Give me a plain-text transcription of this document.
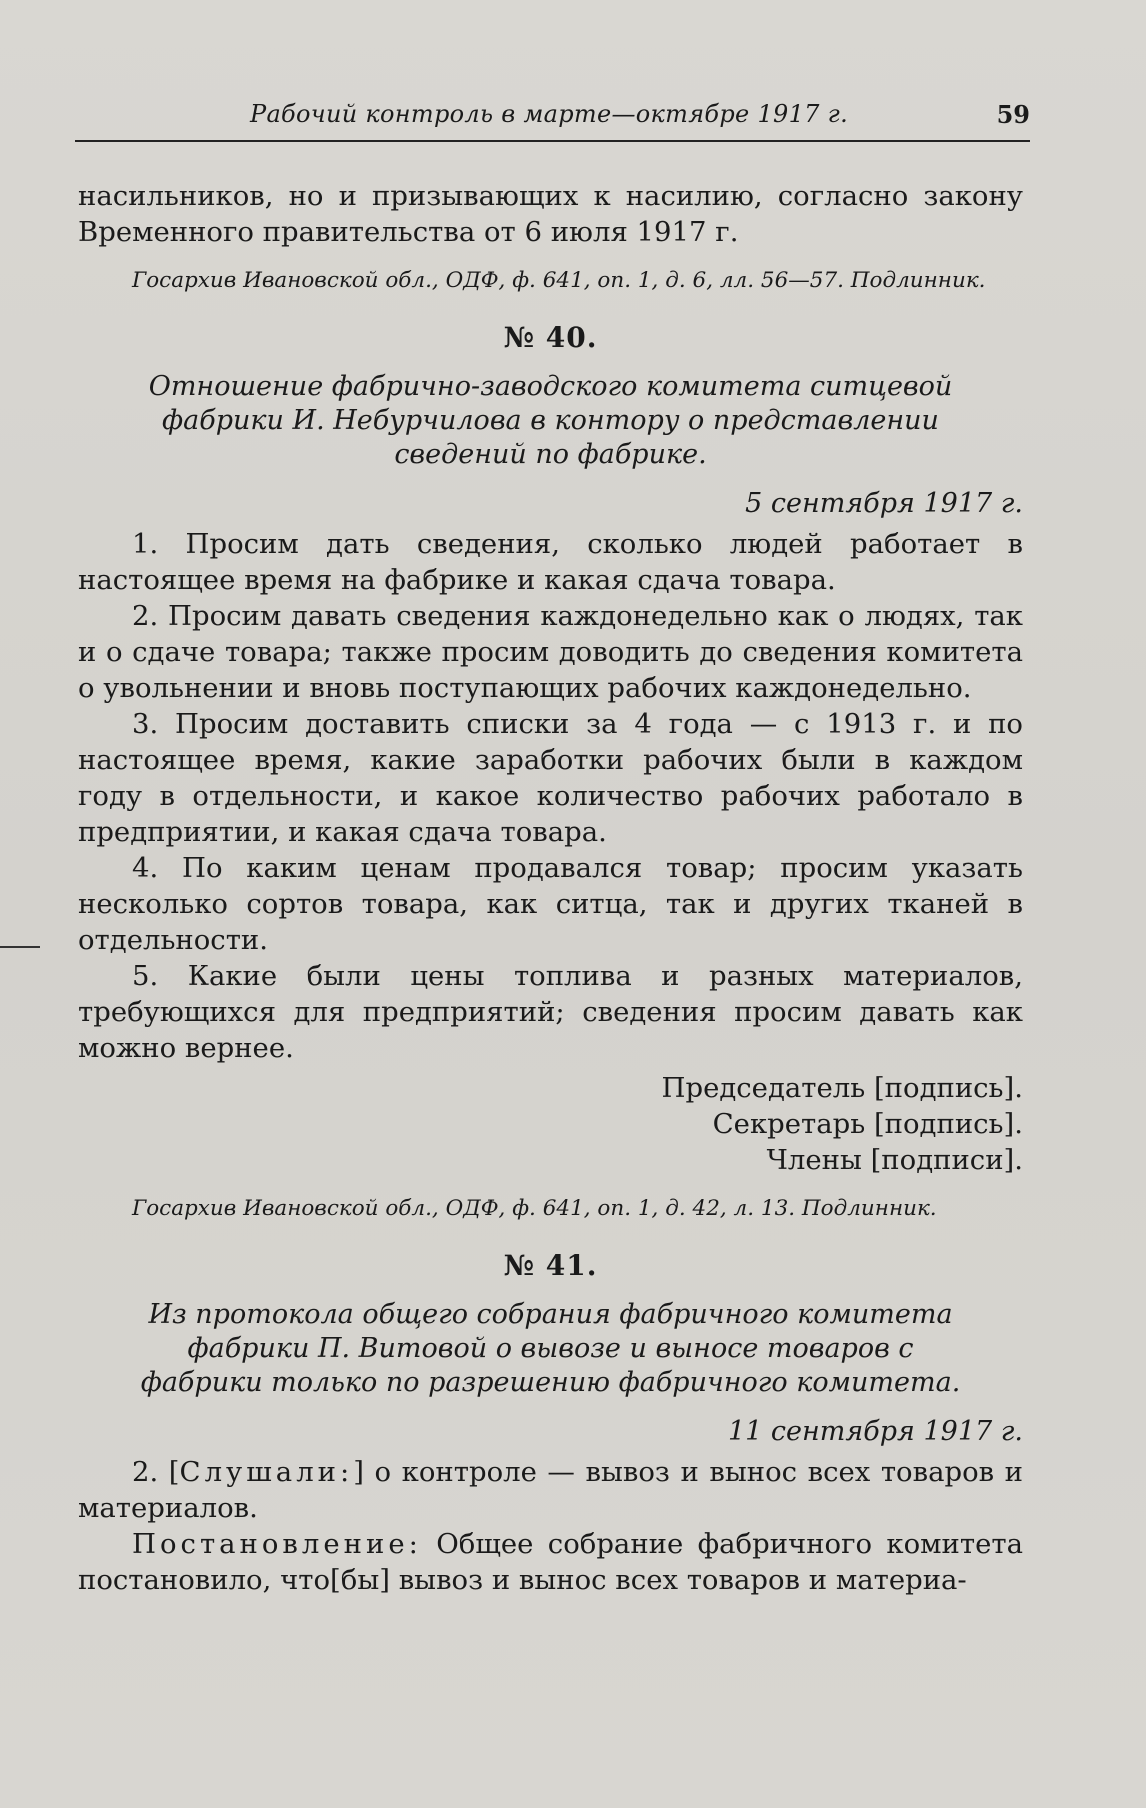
Рабочий контроль в марте—октябре 1917 г.	59

насильников, но и призывающих к насилию, согласно закону Временного правительства от 6 июля 1917 г.

Госархив Ивановской обл., ОДФ, ф. 641, оп. 1, д. 6, лл. 56—57. Подлинник.

№ 40.

Отношение фабрично-заводского комитета ситцевой фабрики И. Небурчилова в контору о представлении сведений по фабрике.

5 сентября 1917 г.

1. Просим дать сведения, сколько людей работает в настоящее время на фабрике и какая сдача товара.

2. Просим давать сведения каждонедельно как о людях, так и о сдаче товара; также просим доводить до сведения комитета о увольнении и вновь поступающих рабочих каждонедельно.

3. Просим доставить списки за 4 года — с 1913 г. и по настоящее время, какие заработки рабочих были в каждом году в отдельности, и какое количество рабочих работало в предприятии, и какая сдача товара.

4. По каким ценам продавался товар; просим указать несколько сортов товара, как ситца, так и других тканей в отдельности.

5. Какие были цены топлива и разных материалов, требующихся для предприятий; сведения просим давать как можно вернее.

Председатель [подпись].
Секретарь [подпись].
Члены [подписи].

Госархив Ивановской обл., ОДФ, ф. 641, оп. 1, д. 42, л. 13. Подлинник.

№ 41.

Из протокола общего собрания фабричного комитета фабрики П. Витовой о вывозе и выносе товаров с фабрики только по разрешению фабричного комитета.

11 сентября 1917 г.

2. [Слушали:] о контроле — вывоз и вынос всех товаров и материалов.

Постановление: Общее собрание фабричного комитета постановило, что[бы] вывоз и вынос всех товаров и материа-
